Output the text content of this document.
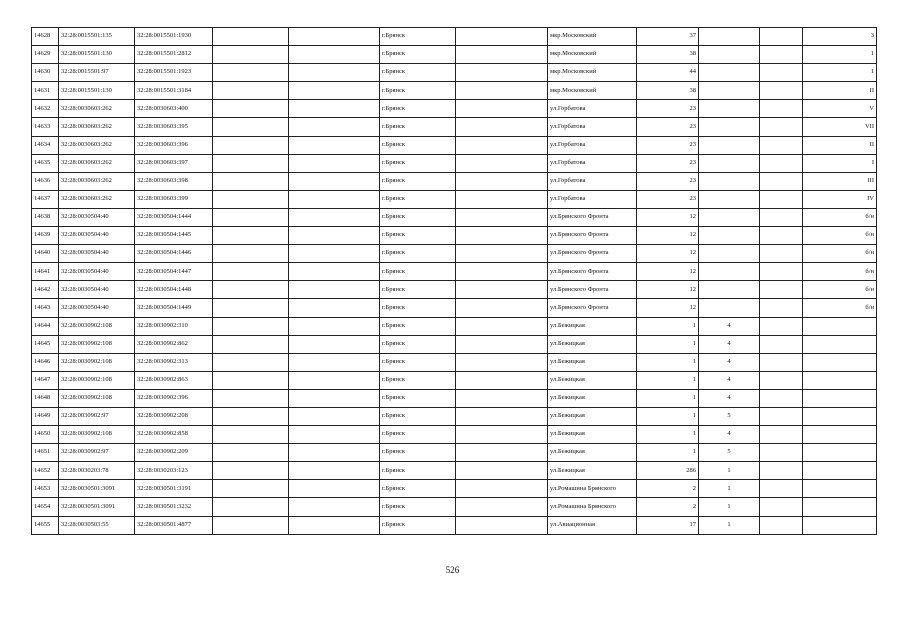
14628	32:28:0015501:135	32:28:0015501:1930			г.Брянск		мкр.Московский	37			3
14629	32:28:0015501:130	32:28:0015501:2812			г.Брянск		мкр.Московский	38			1
14630	32:28:0015501:97	32:28:0015501:1923			г.Брянск		мкр.Московский	44			1
14631	32:28:0015501:130	32:28:0015501:3184			г.Брянск		мкр.Московский	38			II
14632	32:28:0030603:262	32:28:0030603:400			г.Брянск		ул.Горбатова	23			V
14633	32:28:0030603:262	32:28:0030603:395			г.Брянск		ул.Горбатова	23			VII
14634	32:28:0030603:262	32:28:0030603:396			г.Брянск		ул.Горбатова	23			II
14635	32:28:0030603:262	32:28:0030603:397			г.Брянск		ул.Горбатова	23			I
14636	32:28:0030603:262	32:28:0030603:398			г.Брянск		ул.Горбатова	23			III
14637	32:28:0030603:262	32:28:0030603:399			г.Брянск		ул.Горбатова	23			IV
14638	32:28:0030504:40	32:28:0030504:1444			г.Брянск		ул.Брянского Фронта	12			б/н
14639	32:28:0030504:40	32:28:0030504:1445			г.Брянск		ул.Брянского Фронта	12			б/н
14640	32:28:0030504:40	32:28:0030504:1446			г.Брянск		ул.Брянского Фронта	12			б/н
14641	32:28:0030504:40	32:28:0030504:1447			г.Брянск		ул.Брянского Фронта	12			б/н
14642	32:28:0030504:40	32:28:0030504:1448			г.Брянск		ул.Брянского Фронта	12			б/н
14643	32:28:0030504:40	32:28:0030504:1449			г.Брянск		ул.Брянского Фронта	12			б/н
14644	32:28:0030902:108	32:28:0030902:310			г.Брянск		ул.Бежицкая	1	4		
14645	32:28:0030902:108	32:28:0030902:862			г.Брянск		ул.Бежицкая	1	4		
14646	32:28:0030902:108	32:28:0030902:313			г.Брянск		ул.Бежицкая	1	4		
14647	32:28:0030902:108	32:28:0030902:863			г.Брянск		ул.Бежицкая	1	4		
14648	32:28:0030902:108	32:28:0030902:396			г.Брянск		ул.Бежицкая	1	4		
14649	32:28:0030902:97	32:28:0030902:208			г.Брянск		ул.Бежицкая	1	5		
14650	32:28:0030902:108	32:28:0030902:858			г.Брянск		ул.Бежицкая	1	4		
14651	32:28:0030902:97	32:28:0030902:209			г.Брянск		ул.Бежицкая	1	5		
14652	32:28:0030203:78	32:28:0030203:123			г.Брянск		ул.Бежицкая	286	1		
14653	32:28:0030501:3091	32:28:0030501:3191			г.Брянск		ул.Ромашина Брянского	2	1		
14654	32:28:0030501:3091	32:28:0030501:3232			г.Брянск		ул.Ромашина Брянского	2	1		
14655	32:28:0030503:55	32:28:0030501:4877			г.Брянск		ул.Авиационная	17	1		
526
